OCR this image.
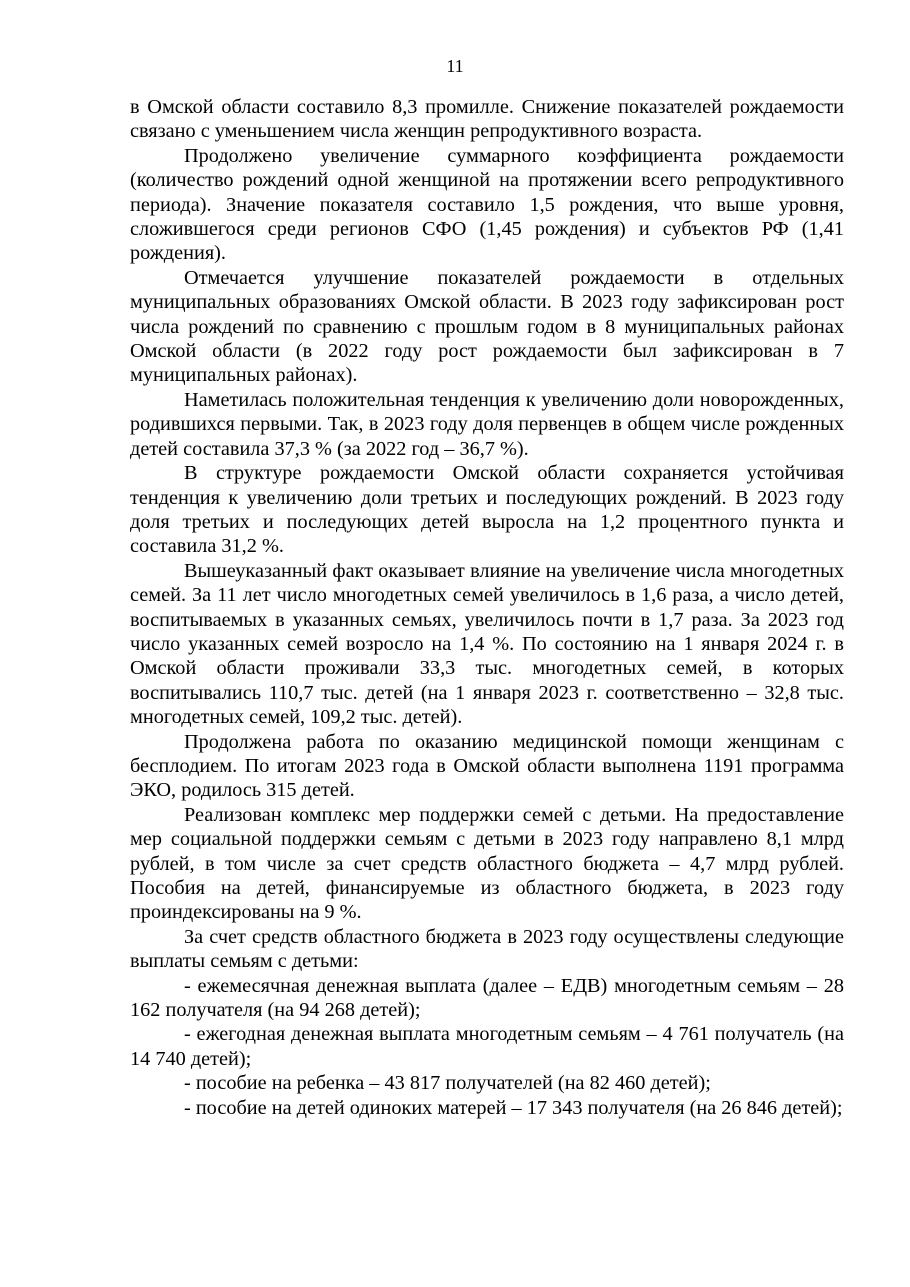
11

в Омской области составило 8,3 промилле. Снижение показателей рождаемости связано с уменьшением числа женщин репродуктивного возраста.

Продолжено увеличение суммарного коэффициента рождаемости (количество рождений одной женщиной на протяжении всего репродуктивного периода). Значение показателя составило 1,5 рождения, что выше уровня, сложившегося среди регионов СФО (1,45 рождения) и субъектов РФ (1,41 рождения).

Отмечается улучшение показателей рождаемости в отдельных муниципальных образованиях Омской области. В 2023 году зафиксирован рост числа рождений по сравнению с прошлым годом в 8 муниципальных районах Омской области (в 2022 году рост рождаемости был зафиксирован в 7 муниципальных районах).

Наметилась положительная тенденция к увеличению доли новорожденных, родившихся первыми. Так, в 2023 году доля первенцев в общем числе рожденных детей составила 37,3 % (за 2022 год – 36,7 %).

В структуре рождаемости Омской области сохраняется устойчивая тенденция к увеличению доли третьих и последующих рождений. В 2023 году доля третьих и последующих детей выросла на 1,2 процентного пункта и составила 31,2 %.

Вышеуказанный факт оказывает влияние на увеличение числа многодетных семей. За 11 лет число многодетных семей увеличилось в 1,6 раза, а число детей, воспитываемых в указанных семьях, увеличилось почти в 1,7 раза. За 2023 год число указанных семей возросло на 1,4 %. По состоянию на 1 января 2024 г. в Омской области проживали 33,3 тыс. многодетных семей, в которых воспитывались 110,7 тыс. детей (на 1 января 2023 г. соответственно – 32,8 тыс. многодетных семей, 109,2 тыс. детей).

Продолжена работа по оказанию медицинской помощи женщинам с бесплодием. По итогам 2023 года в Омской области выполнена 1191 программа ЭКО, родилось 315 детей.

Реализован комплекс мер поддержки семей с детьми. На предоставление мер социальной поддержки семьям с детьми в 2023 году направлено 8,1 млрд рублей, в том числе за счет средств областного бюджета – 4,7 млрд рублей. Пособия на детей, финансируемые из областного бюджета, в 2023 году проиндексированы на 9 %.

За счет средств областного бюджета в 2023 году осуществлены следующие выплаты семьям с детьми:

- ежемесячная денежная выплата (далее – ЕДВ) многодетным семьям – 28 162 получателя (на 94 268 детей);

- ежегодная денежная выплата многодетным семьям – 4 761 получатель (на 14 740 детей);

- пособие на ребенка – 43 817 получателей (на 82 460 детей);

- пособие на детей одиноких матерей – 17 343 получателя (на 26 846 детей);
